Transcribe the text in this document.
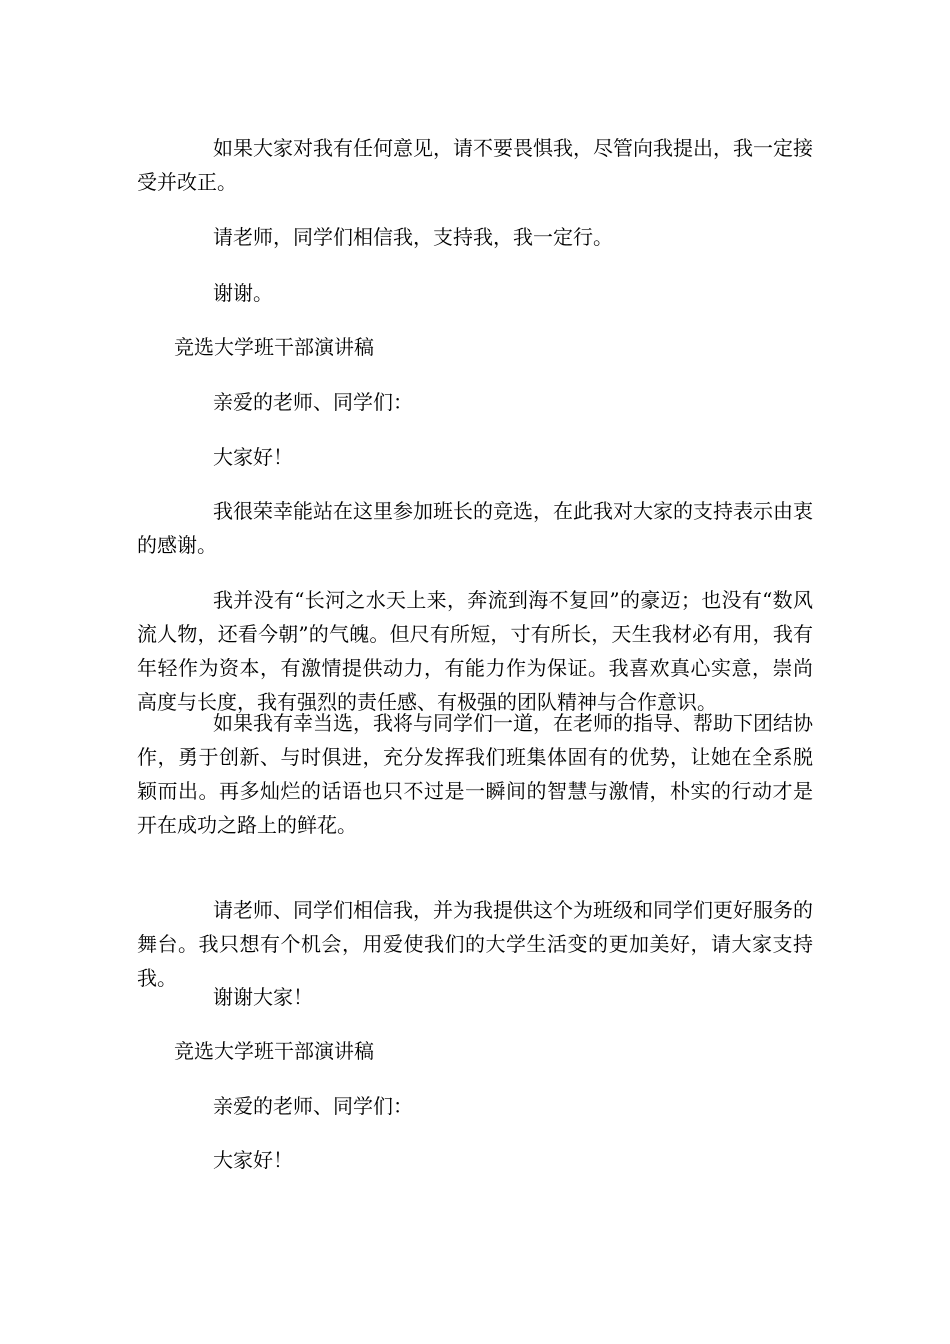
如果大家对我有任何意见，请不要畏惧我，尽管向我提出，我一定接受并改正。

请老师，同学们相信我，支持我，我一定行。

谢谢。

竞选大学班干部演讲稿

亲爱的老师、同学们：

大家好！

我很荣幸能站在这里参加班长的竞选，在此我对大家的支持表示由衷的感谢。

我并没有“长河之水天上来，奔流到海不复回”的豪迈；也没有“数风流人物，还看今朝”的气魄。但尺有所短，寸有所长，天生我材必有用，我有年轻作为资本，有激情提供动力，有能力作为保证。我喜欢真心实意，崇尚高度与长度，我有强烈的责任感、有极强的团队精神与合作意识。

如果我有幸当选，我将与同学们一道，在老师的指导、帮助下团结协作，勇于创新、与时俱进，充分发挥我们班集体固有的优势，让她在全系脱颖而出。再多灿烂的话语也只不过是一瞬间的智慧与激情，朴实的行动才是开在成功之路上的鲜花。

请老师、同学们相信我，并为我提供这个为班级和同学们更好服务的舞台。我只想有个机会，用爱使我们的大学生活变的更加美好，请大家支持我。

谢谢大家！

竞选大学班干部演讲稿

亲爱的老师、同学们：

大家好！
